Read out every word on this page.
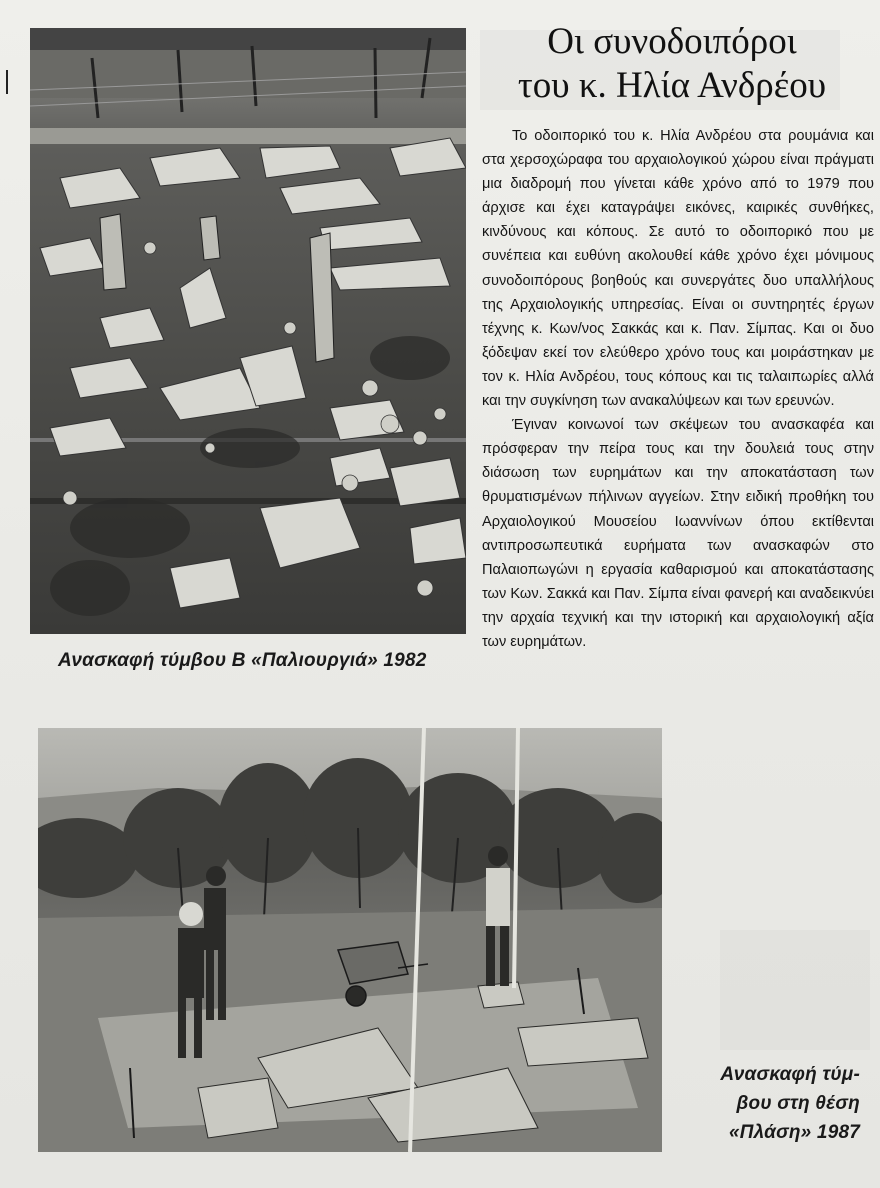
Ανασκαφή τύμβου Β «Παλιουργιά» 1982
Οι συνοδοιπόροι
του κ. Ηλία Ανδρέου

Το οδοιπορικό του κ. Ηλία Ανδρέου στα ρουμάνια και στα χερσοχώραφα του αρχαιολογικού χώρου είναι πράγματι μια διαδρομή που γίνεται κάθε χρόνο από το 1979 που άρχισε και έχει καταγράψει εικόνες, καιρικές συνθήκες, κινδύνους και κόπους. Σε αυτό το οδοιπορικό που με συνέπεια και ευθύνη ακολουθεί κάθε χρόνο έχει μόνιμους συνοδοιπόρους βοηθούς και συνεργάτες δυο υπαλλήλους της Αρχαιολογικής υπηρεσίας. Είναι οι συντηρητές έργων τέχνης κ. Κων/νος Σακκάς και κ. Παν. Σίμπας. Και οι δυο ξόδεψαν εκεί τον ελεύθερο χρόνο τους και μοιράστηκαν με τον κ. Ηλία Ανδρέου, τους κόπους και τις ταλαιπωρίες αλλά και την συγκίνηση των ανακαλύψεων και των ερευνών.

Έγιναν κοινωνοί των σκέψεων του ανασκαφέα και πρόσφεραν την πείρα τους και την δουλειά τους στην διάσωση των ευρημάτων και την αποκατάσταση των θρυματισμένων πήλινων αγγείων. Στην ειδική προθήκη του Αρχαιολογικού Μουσείου Ιωαννίνων όπου εκτίθενται αντιπροσωπευτικά ευρήματα των ανασκαφών στο Παλαιοπωγώνι η εργασία καθαρισμού και αποκατάστασης των Κων. Σακκά και Παν. Σίμπα είναι φανερή και αναδεικνύει την αρχαία τεχνική και την ιστορική και αρχαιολογική αξία των ευρημάτων.

Ανασκαφή τύμ-
βου στη θέση
«Πλάση» 1987
